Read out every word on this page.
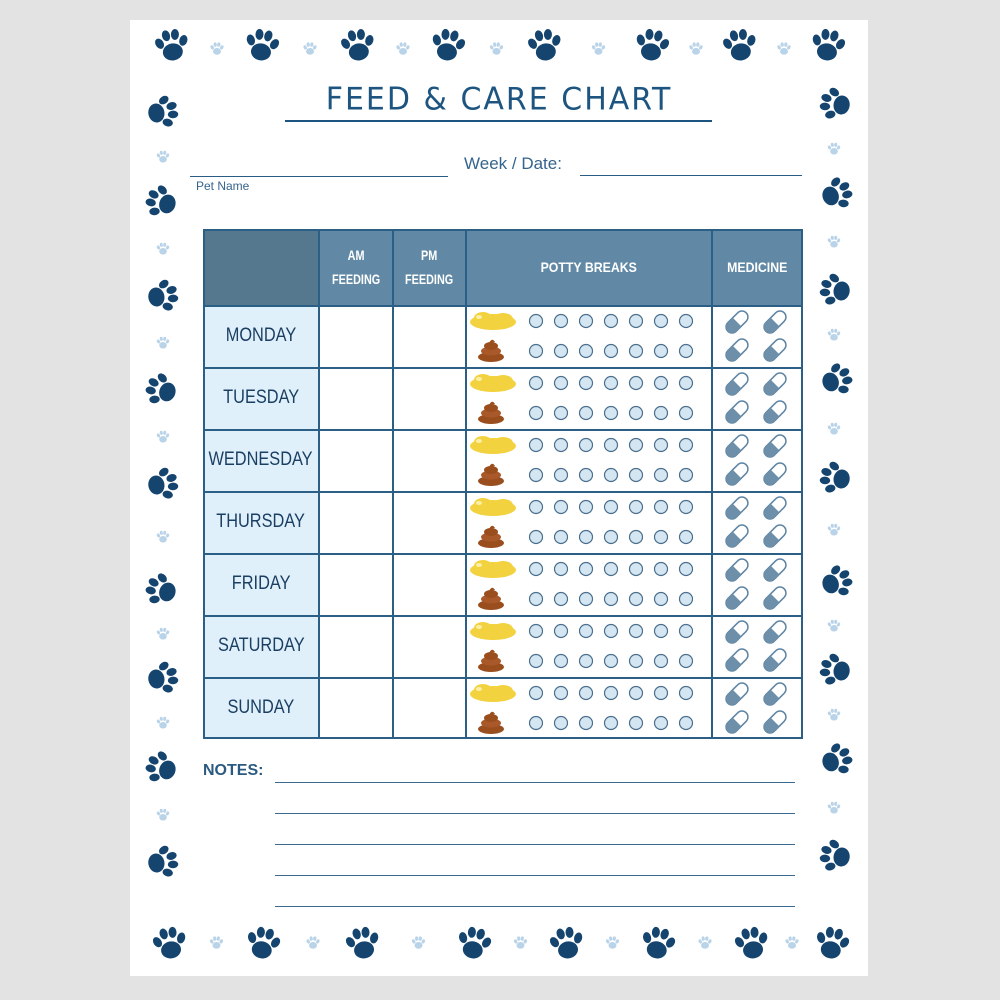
FEED & CARE CHART
Pet Name
Week / Date:
AM
FEEDING
PM
FEEDING
POTTY BREAKS	MEDICINE
MONDAY
TUESDAY
WEDNESDAY
THURSDAY
FRIDAY
SATURDAY
SUNDAY
NOTES:
